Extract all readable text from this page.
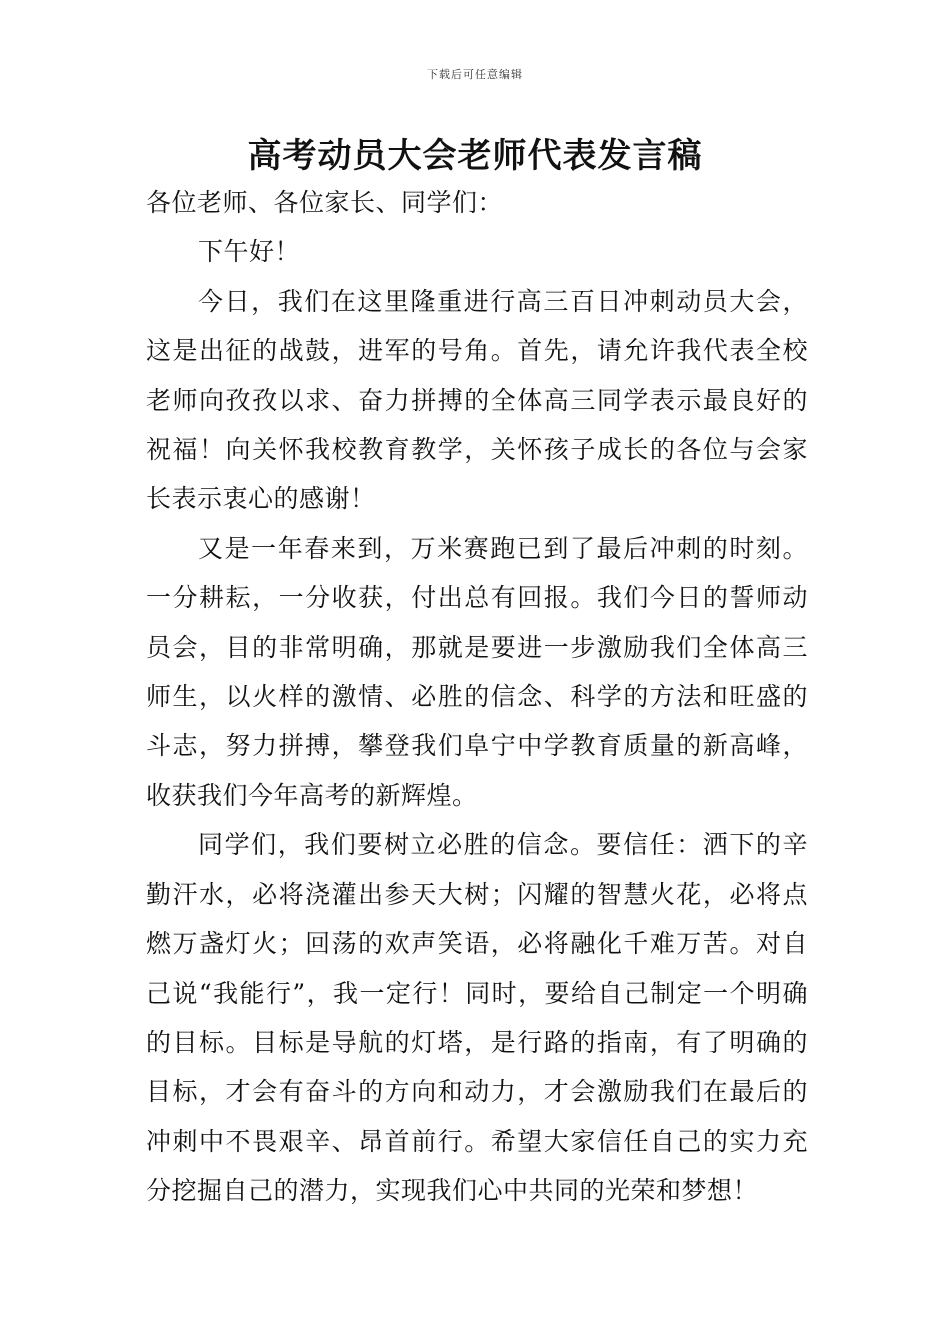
下载后可任意编辑
高考动员大会老师代表发言稿

各位老师、各位家长、同学们：

下午好！

今日，我们在这里隆重进行高三百日冲刺动员大会，这是出征的战鼓，进军的号角。首先，请允许我代表全校老师向孜孜以求、奋力拼搏的全体高三同学表示最良好的祝福！向关怀我校教育教学，关怀孩子成长的各位与会家长表示衷心的感谢！

又是一年春来到，万米赛跑已到了最后冲刺的时刻。一分耕耘，一分收获，付出总有回报。我们今日的誓师动员会，目的非常明确，那就是要进一步激励我们全体高三师生，以火样的激情、必胜的信念、科学的方法和旺盛的斗志，努力拼搏，攀登我们阜宁中学教育质量的新高峰，收获我们今年高考的新辉煌。

同学们，我们要树立必胜的信念。要信任：洒下的辛勤汗水，必将浇灌出参天大树；闪耀的智慧火花，必将点燃万盏灯火；回荡的欢声笑语，必将融化千难万苦。对自己说“我能行”，我一定行！同时，要给自己制定一个明确的目标。目标是导航的灯塔，是行路的指南，有了明确的目标，才会有奋斗的方向和动力，才会激励我们在最后的冲刺中不畏艰辛、昂首前行。希望大家信任自己的实力充分挖掘自己的潜力，实现我们心中共同的光荣和梦想！
